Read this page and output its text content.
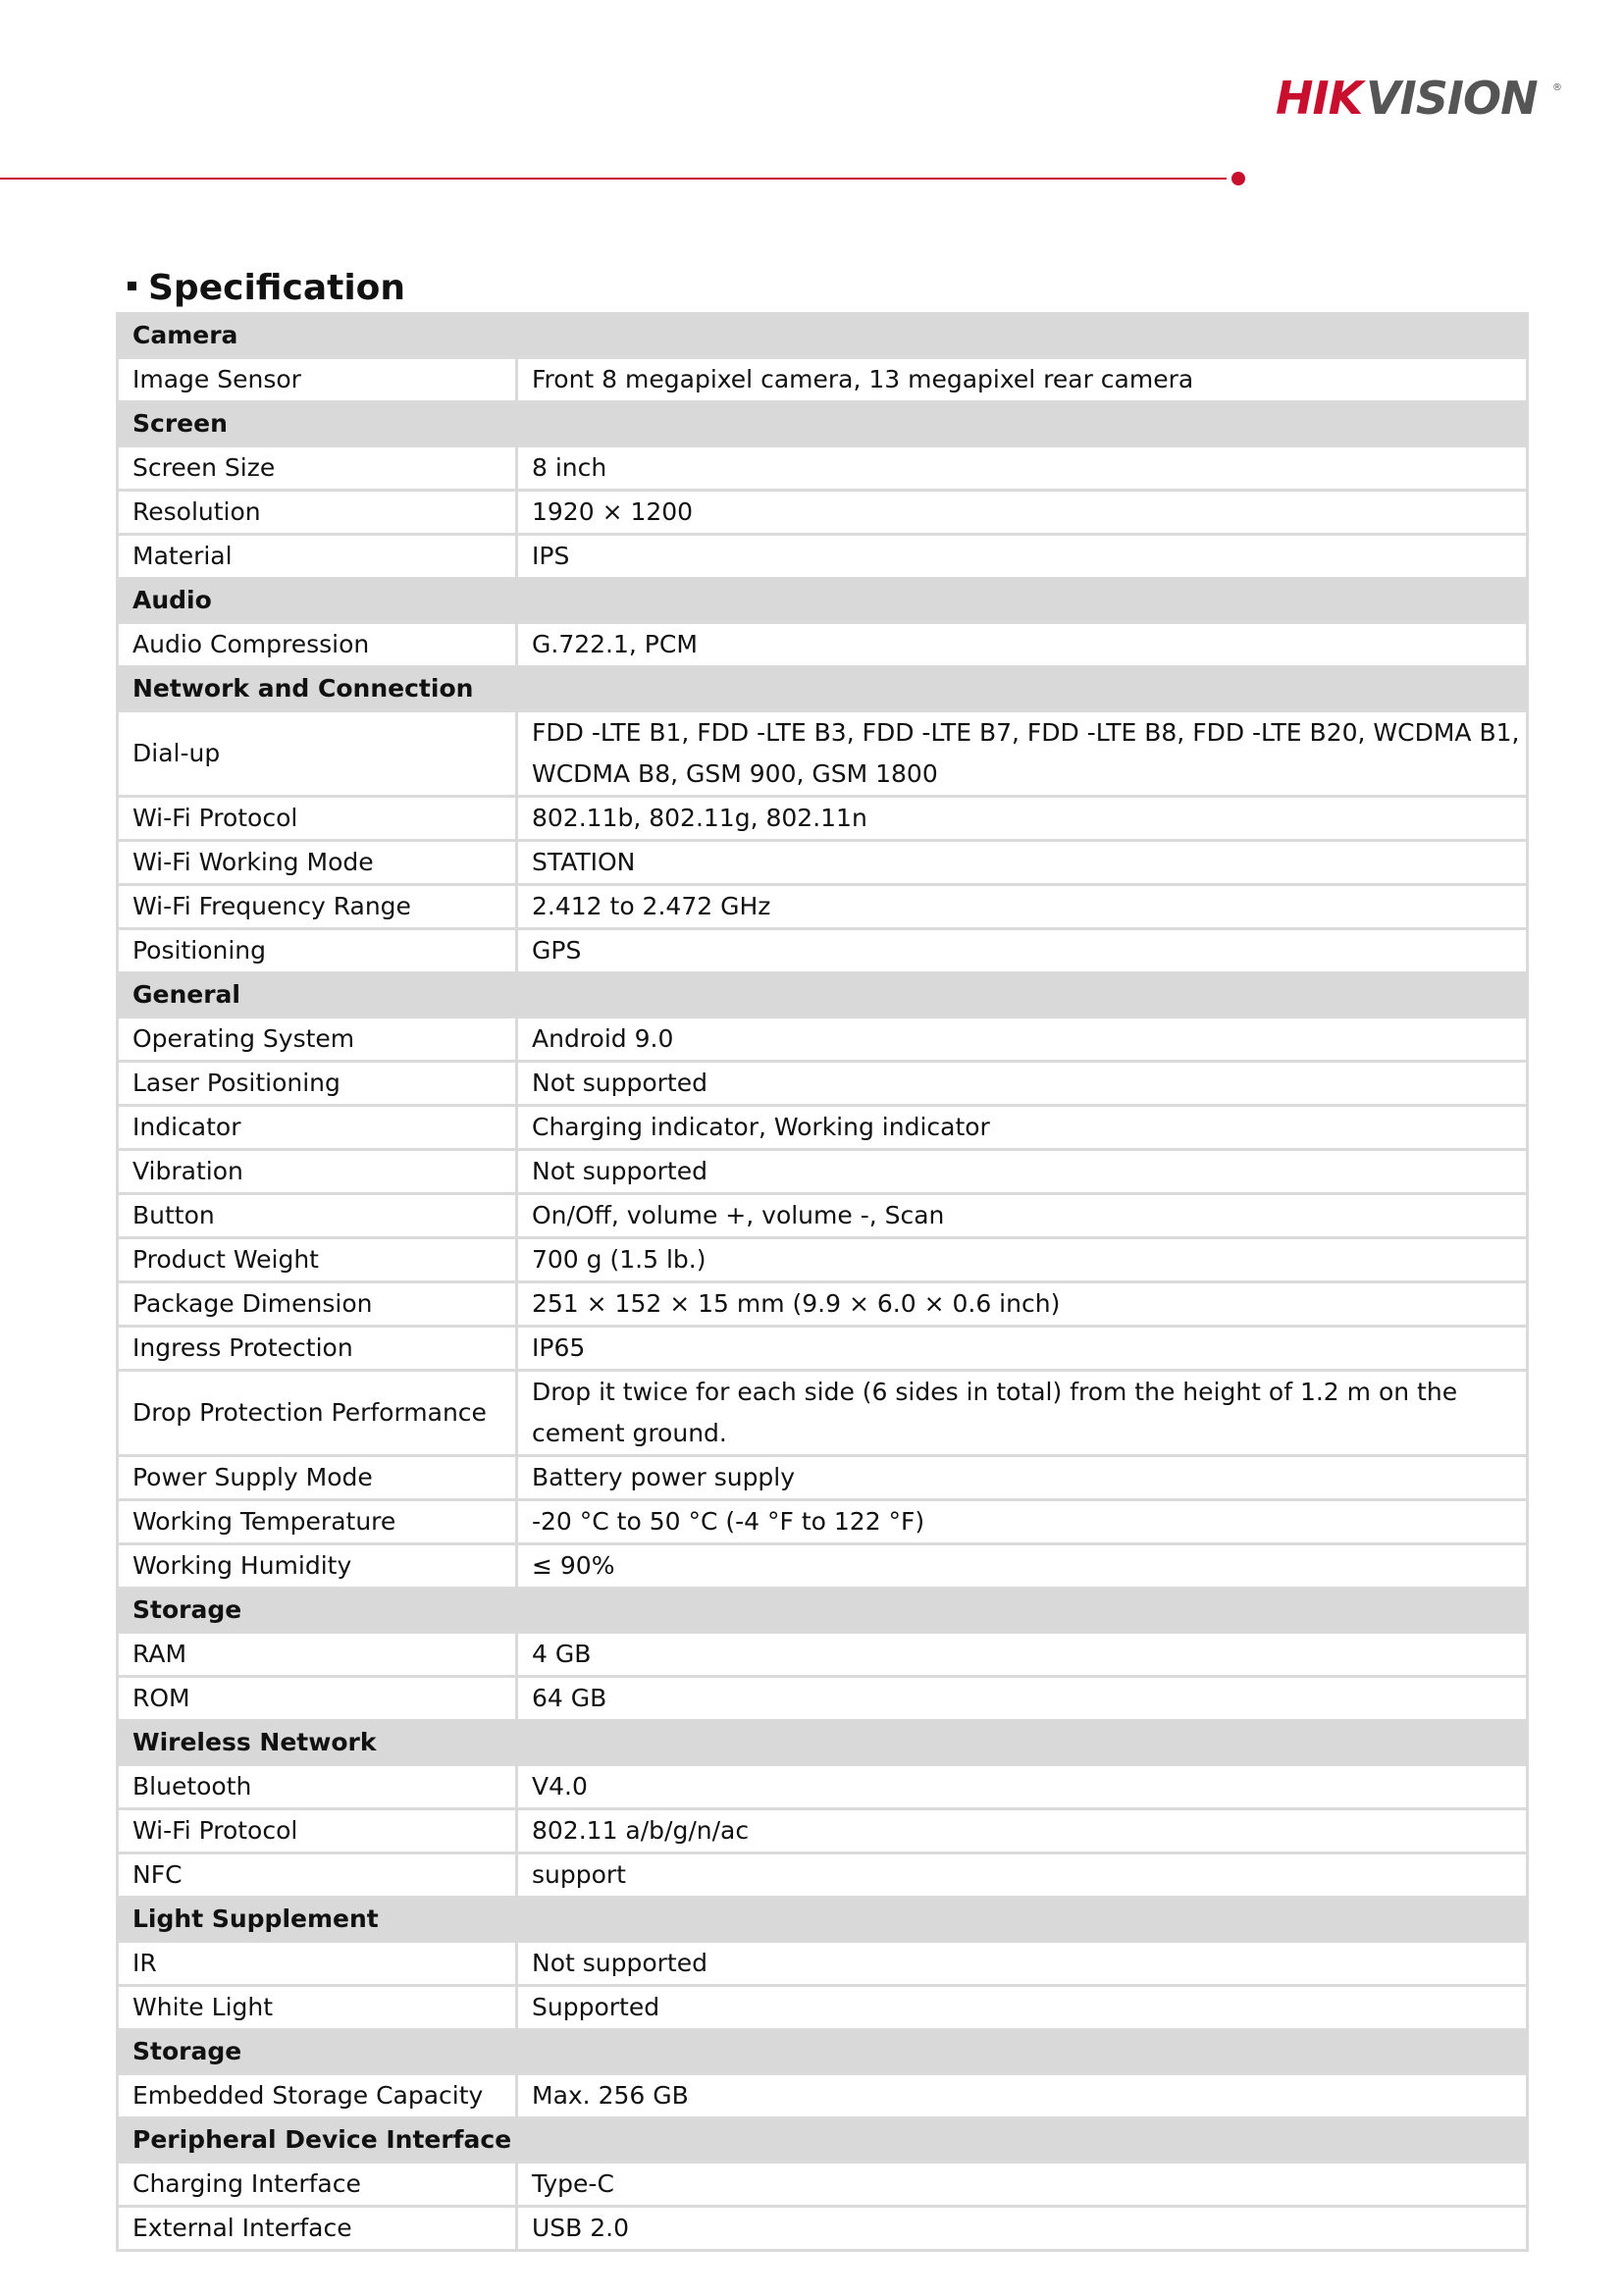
HIK VISION ®
Specification
Camera	
Image Sensor	Front 8 megapixel camera, 13 megapixel rear camera
Screen	
Screen Size	8 inch
Resolution	1920 × 1200
Material	IPS
Audio	
Audio Compression	G.722.1, PCM
Network and Connection	
Dial-up	FDD -LTE B1, FDD -LTE B3, FDD -LTE B7, FDD -LTE B8, FDD -LTE B20, WCDMA B1, WCDMA B8, GSM 900, GSM 1800
Wi-Fi Protocol	802.11b, 802.11g, 802.11n
Wi-Fi Working Mode	STATION
Wi-Fi Frequency Range	2.412 to 2.472 GHz
Positioning	GPS
General	
Operating System	Android 9.0
Laser Positioning	Not supported
Indicator	Charging indicator, Working indicator
Vibration	Not supported
Button	On/Off, volume +, volume -, Scan
Product Weight	700 g (1.5 lb.)
Package Dimension	251 × 152 × 15 mm (9.9 × 6.0 × 0.6 inch)
Ingress Protection	IP65
Drop Protection Performance	Drop it twice for each side (6 sides in total) from the height of 1.2 m on the cement ground.
Power Supply Mode	Battery power supply
Working Temperature	-20 °C to 50 °C (-4 °F to 122 °F)
Working Humidity	≤ 90%
Storage	
RAM	4 GB
ROM	64 GB
Wireless Network	
Bluetooth	V4.0
Wi-Fi Protocol	802.11 a/b/g/n/ac
NFC	support
Light Supplement	
IR	Not supported
White Light	Supported
Storage	
Embedded Storage Capacity	Max. 256 GB
Peripheral Device Interface	
Charging Interface	Type-C
External Interface	USB 2.0
